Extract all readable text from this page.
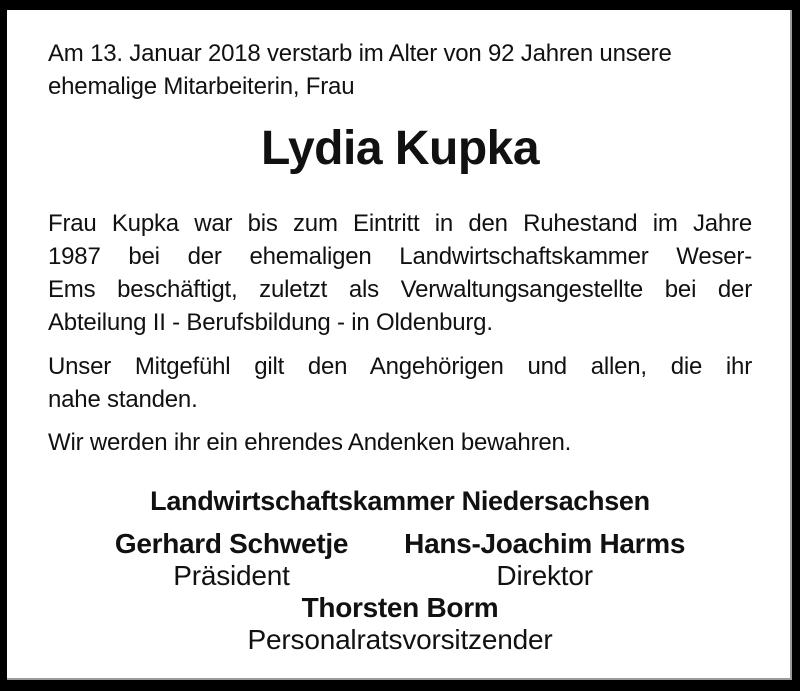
Am 13. Januar 2018 verstarb im Alter von 92 Jahren unsere
ehemalige Mitarbeiterin, Frau
Lydia Kupka
Frau Kupka war bis zum Eintritt in den Ruhestand im Jahre
1987 bei der ehemaligen Landwirtschaftskammer Weser-
Ems beschäftigt, zuletzt als Verwaltungsangestellte bei der
Abteilung II - Berufsbildung - in Oldenburg.
Unser Mitgefühl gilt den Angehörigen und allen, die ihr
nahe standen.
Wir werden ihr ein ehrendes Andenken bewahren.
Landwirtschaftskammer Niedersachsen
Gerhard Schwetje
Präsident
Hans-Joachim Harms
Direktor
Thorsten Borm
Personalratsvorsitzender
